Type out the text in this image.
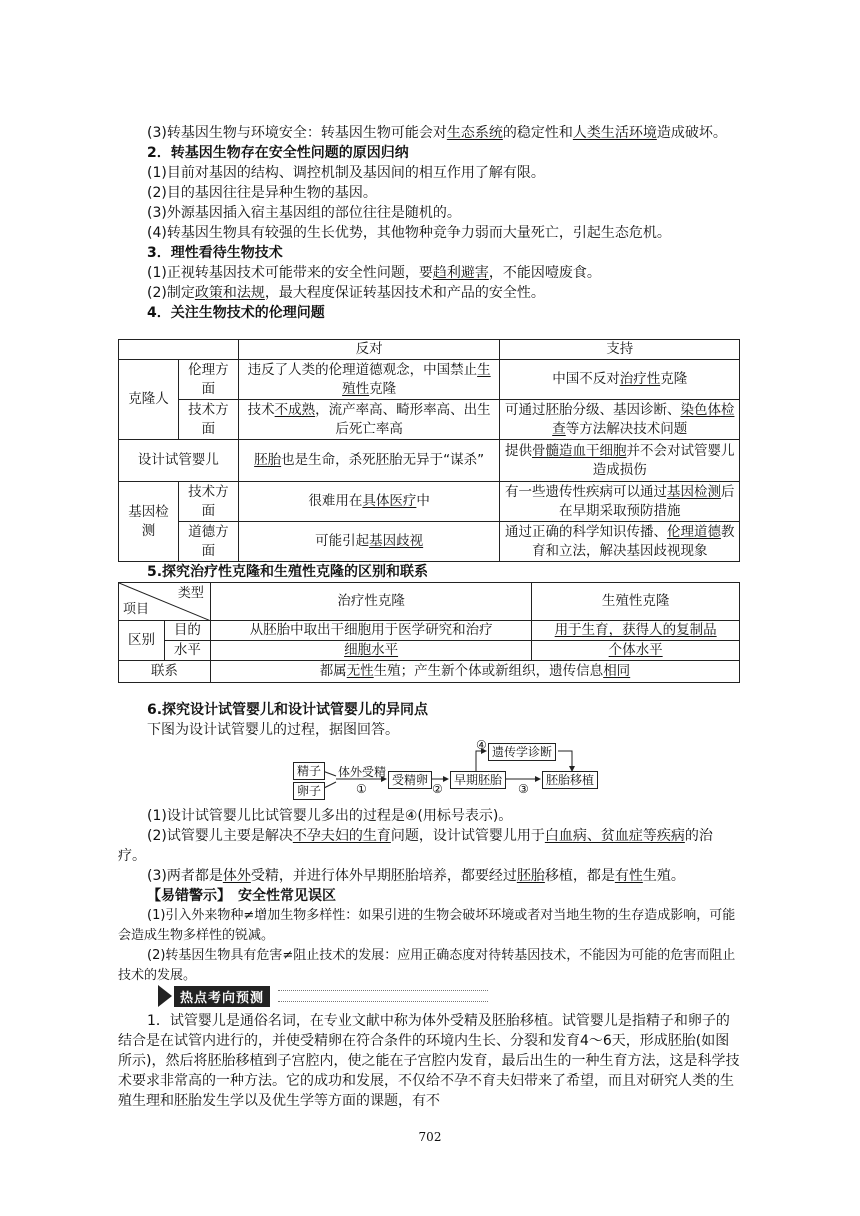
(3)转基因生物与环境安全：转基因生物可能会对生态系统的稳定性和人类生活环境造成破坏。

2．转基因生物存在安全性问题的原因归纳

(1)目前对基因的结构、调控机制及基因间的相互作用了解有限。

(2)目的基因往往是异种生物的基因。

(3)外源基因插入宿主基因组的部位往往是随机的。

(4)转基因生物具有较强的生长优势，其他物种竞争力弱而大量死亡，引起生态危机。

3．理性看待生物技术

(1)正视转基因技术可能带来的安全性问题，要趋利避害，不能因噎废食。

(2)制定政策和法规，最大程度保证转基因技术和产品的安全性。

4．关注生物技术的伦理问题

		反对	支持
克隆人	伦理方面	违反了人类的伦理道德观念，中国禁止生殖性克隆	中国不反对治疗性克隆
	技术方面	技术不成熟，流产率高、畸形率高、出生后死亡率高	可通过胚胎分级、基因诊断、染色体检查等方法解决技术问题
设计试管婴儿		胚胎也是生命，杀死胚胎无异于“谋杀”	提供骨髓造血干细胞并不会对试管婴儿造成损伤
基因检测	技术方面	很难用在具体医疗中	有一些遗传性疾病可以通过基因检测后在早期采取预防措施
	道德方面	可能引起基因歧视	通过正确的科学知识传播、伦理道德教育和立法，解决基因歧视现象
5.探究治疗性克隆和生殖性克隆的区别和联系
类型
项目		治疗性克隆	生殖性克隆
区别	目的	从胚胎中取出干细胞用于医学研究和治疗	用于生育，获得人的复制品
	水平	细胞水平	个体水平
联系		都属无性生殖；产生新个体或新组织，遗传信息相同	

6.探究设计试管婴儿和设计试管婴儿的异同点

下图为设计试管婴儿的过程，据图回答。

精子
卵子
体外受精
①
受精卵
②
早期胚胎
③
胚胎移植
④ 遗传学诊断

(1)设计试管婴儿比试管婴儿多出的过程是④(用标号表示)。

(2)试管婴儿主要是解决不孕夫妇的生育问题，设计试管婴儿用于白血病、贫血症等疾病的治疗。

(3)两者都是体外受精，并进行体外早期胚胎培养，都要经过胚胎移植，都是有性生殖。

【易错警示】　安全性常见误区

(1)引入外来物种≠增加生物多样性：如果引进的生物会破坏环境或者对当地生物的生存造成影响，可能会造成生物多样性的锐减。

(2)转基因生物具有危害≠阻止技术的发展：应用正确态度对待转基因技术，不能因为可能的危害而阻止技术的发展。

热点考向预测

1．试管婴儿是通俗名词，在专业文献中称为体外受精及胚胎移植。试管婴儿是指精子和卵子的结合是在试管内进行的，并使受精卵在符合条件的环境内生长、分裂和发育4～6天，形成胚胎(如图所示)，然后将胚胎移植到子宫腔内，使之能在子宫腔内发育，最后出生的一种生育方法，这是科学技术要求非常高的一种方法。它的成功和发展，不仅给不孕不育夫妇带来了希望，而且对研究人类的生殖生理和胚胎发生学以及优生学等方面的课题，有不

702
